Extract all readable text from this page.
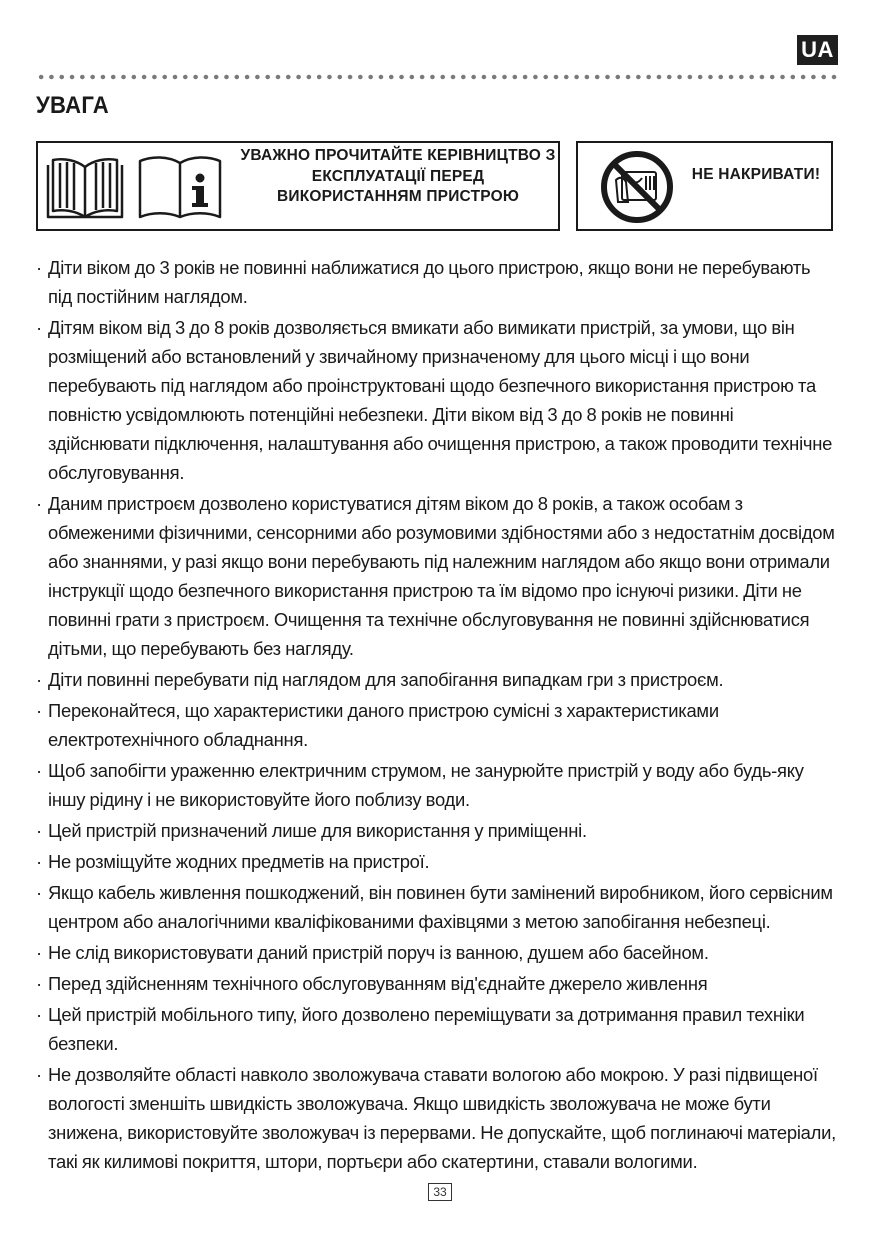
UA
УВАГА
УВАЖНО ПРОЧИТАЙТЕ КЕРІВНИЦТВО З ЕКСПЛУАТАЦІЇ ПЕРЕД ВИКОРИСТАННЯМ ПРИСТРОЮ
НЕ НАКРИВАТИ!
· Діти віком до 3 років не повинні наближатися до цього пристрою, якщо вони не перебувають під постійним наглядом.
· Дітям віком від 3 до 8 років дозволяється вмикати або вимикати пристрій, за умови, що він розміщений або встановлений у звичайному призначеному для цього місці і що вони перебувають під наглядом або проінструктовані щодо безпечного використання пристрою та повністю усвідомлюють потенційні небезпеки. Діти віком від 3 до 8 років не повинні здійснювати підключення, налаштування або очищення пристрою, а також проводити технічне обслуговування.
· Даним пристроєм дозволено користуватися дітям віком до 8 років, а також особам з обмеженими фізичними, сенсорними або розумовими здібностями або з недостатнім досвідом або знаннями, у разі якщо вони перебувають під належним наглядом або якщо вони отримали інструкції щодо безпечного використання пристрою та їм відомо про існуючі ризики. Діти не повинні грати з пристроєм. Очищення та технічне обслуговування не повинні здійснюватися дітьми, що перебувають без нагляду.
· Діти повинні перебувати під наглядом для запобігання випадкам гри з пристроєм.
· Переконайтеся, що характеристики даного пристрою сумісні з характеристиками електротехнічного обладнання.
· Щоб запобігти ураженню електричним струмом, не занурюйте пристрій у воду або будь-яку іншу рідину і не використовуйте його поблизу води.
· Цей пристрій призначений лише для використання у приміщенні.
· Не розміщуйте жодних предметів на пристрої.
· Якщо кабель живлення пошкоджений, він повинен бути замінений виробником, його сервісним центром або аналогічними кваліфікованими фахівцями з метою запобігання небезпеці.
· Не слід використовувати даний пристрій поруч із ванною, душем або басейном.
· Перед здійсненням технічного обслуговуванням від'єднайте джерело живлення
· Цей пристрій мобільного типу, його дозволено переміщувати за дотримання правил техніки безпеки.
· Не дозволяйте області навколо зволожувача ставати вологою або мокрою. У разі підвищеної вологості зменшіть швидкість зволожувача. Якщо швидкість зволожувача не може бути знижена, використовуйте зволожувач із перервами. Не допускайте, щоб поглинаючі матеріали, такі як килимові покриття, штори, портьєри або скатертини, ставали вологими.
33
